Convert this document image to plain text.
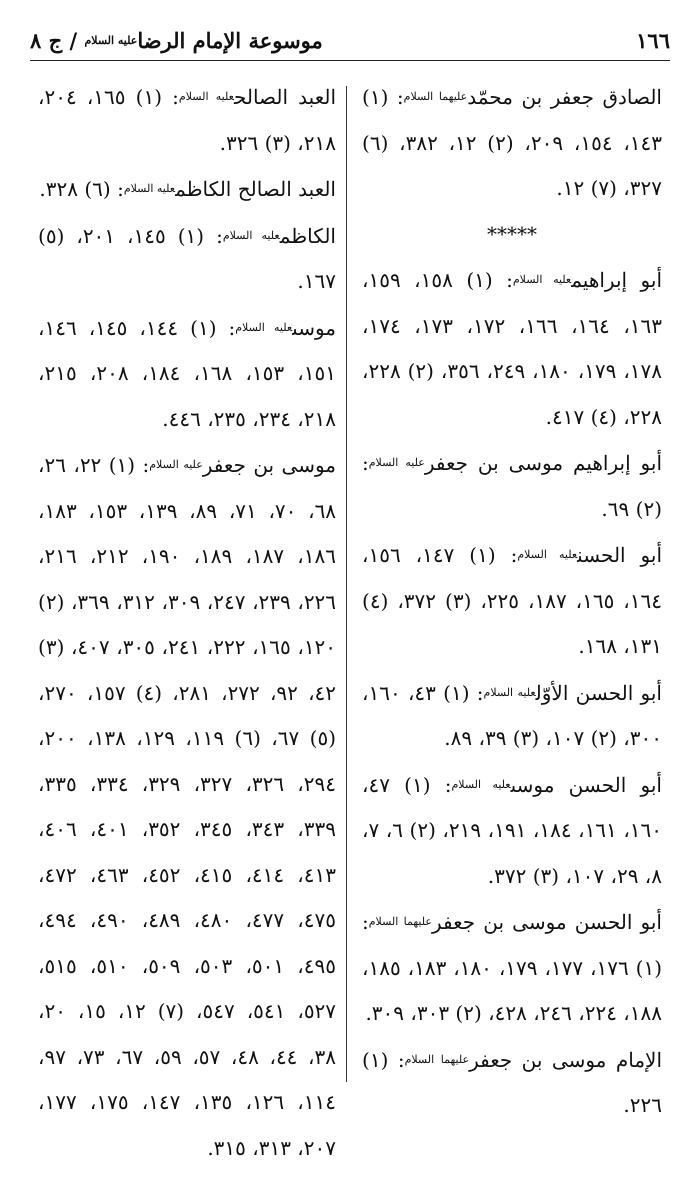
١٦٦
موسوعة الإمام الرضاعليه السلام / ج ٨

الصادق جعفر بن محمّد$^{عليهما السلام}$: (١) ١٤٣، ١٥٤، ٢٠٩، (٢) ١٢، ٣٨٢، (٦) ٣٢٧، (٧) ١٢.

*****

أبو إبراهيم$^{عليه السلام}$: (١) ١٥٨، ١٥٩، ١٦٣، ١٦٤، ١٦٦، ١٧٢، ١٧٣، ١٧٤، ١٧٨، ١٧٩، ١٨٠، ٢٤٩، ٣٥٦، (٢) ٢٢٨، ٢٢٨، (٤) ٤١٧.

أبو إبراهيم موسى بن جعفر$^{عليه السلام}$: (٢) ٦٩.

أبو الحسن$^{عليه السلام}$: (١) ١٤٧، ١٥٦، ١٦٤، ١٦٥، ١٨٧، ٢٢٥، (٣) ٣٧٢، (٤) ١٣١، ١٦٨.

أبو الحسن الأوّل$^{عليه السلام}$: (١) ٤٣، ١٦٠، ٣٠٠، (٢) ١٠٧، (٣) ٣٩، ٨٩.

أبو الحسن موسى$^{عليه السلام}$: (١) ٤٧، ١٦٠، ١٦١، ١٨٤، ١٩١، ٢١٩، (٢) ٦، ٧، ٨، ٢٩، ١٠٧، (٣) ٣٧٢.

أبو الحسن موسى بن جعفر$^{عليهما السلام}$: (١) ١٧٦، ١٧٧، ١٧٩، ١٨٠، ١٨٣، ١٨٥، ١٨٨، ٢٢٤، ٢٤٦، ٤٢٨، (٢) ٣٠٣، ٣٠٩.

الإمام موسى بن جعفر$^{عليهما السلام}$: (١) ٢٢٦.

العبد الصالح$^{عليه السلام}$: (١) ١٦٥، ٢٠٤، ٢١٨، (٣) ٣٢٦.

العبد الصالح الكاظم$^{عليه السلام}$: (٦) ٣٢٨.

الكاظم$^{عليه السلام}$: (١) ١٤٥، ٢٠١، (٥) ١٦٧.

موسى$^{عليه السلام}$: (١) ١٤٤، ١٤٥، ١٤٦، ١٥١، ١٥٣، ١٦٨، ١٨٤، ٢٠٨، ٢١٥، ٢١٨، ٢٣٤، ٢٣٥، ٤٤٦.

موسى بن جعفر$^{عليه السلام}$: (١) ٢٢، ٢٦، ٦٨، ٧٠، ٧١، ٨٩، ١٣٩، ١٥٣، ١٨٣، ١٨٦، ١٨٧، ١٨٩، ١٩٠، ٢١٢، ٢١٦، ٢٢٦، ٢٣٩، ٢٤٧، ٣٠٩، ٣١٢، ٣٦٩، (٢) ١٢٠، ١٦٥، ٢٢٢، ٢٤١، ٣٠٥، ٤٠٧، (٣) ٤٢، ٩٢، ٢٧٢، ٢٨١، (٤) ١٥٧، ٢٧٠، (٥) ٦٧، (٦) ١١٩، ١٢٩، ١٣٨، ٢٠٠، ٢٩٤، ٣٢٦، ٣٢٧، ٣٢٩، ٣٣٤، ٣٣٥، ٣٣٩، ٣٤٣، ٣٤٥، ٣٥٢، ٤٠١، ٤٠٦، ٤١٣، ٤١٤، ٤١٥، ٤٥٢، ٤٦٣، ٤٧٢، ٤٧٥، ٤٧٧، ٤٨٠، ٤٨٩، ٤٩٠، ٤٩٤، ٤٩٥، ٥٠١، ٥٠٣، ٥٠٩، ٥١٠، ٥١٥، ٥٢٧، ٥٤١، ٥٤٧، (٧) ١٢، ١٥، ٢٠، ٣٨، ٤٤، ٤٨، ٥٧، ٥٩، ٦٧، ٧٣، ٩٧، ١١٤، ١٢٦، ١٣٥، ١٤٧، ١٧٥، ١٧٧، ٢٠٧، ٣١٣، ٣١٥.
